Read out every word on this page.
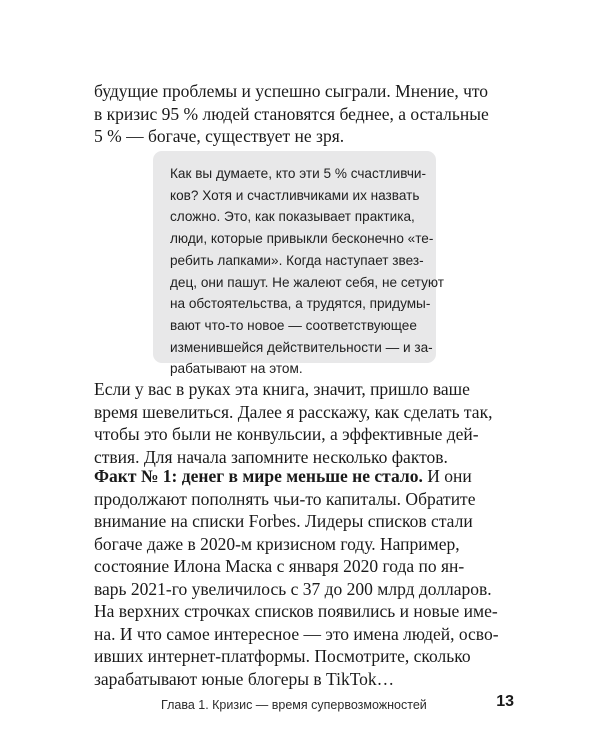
будущие проблемы и успешно сыграли. Мнение, что
в кризис 95 % людей становятся беднее, а остальные
5 % — богаче, существует не зря.

Как вы думаете, кто эти 5 % счастливчи-
ков? Хотя и счастливчиками их назвать
сложно. Это, как показывает практика,
люди, которые привыкли бесконечно «те-
ребить лапками». Когда наступает звез-
дец, они пашут. Не жалеют себя, не сетуют
на обстоятельства, а трудятся, придумы-
вают что-то новое — соответствующее
изменившейся действительности — и за-
рабатывают на этом.

Если у вас в руках эта книга, значит, пришло ваше
время шевелиться. Далее я расскажу, как сделать так,
чтобы это были не конвульсии, а эффективные дей-
ствия. Для начала запомните несколько фактов.

Факт № 1: денег в мире меньше не стало. И они
продолжают пополнять чьи-то капиталы. Обратите
внимание на списки Forbes. Лидеры списков стали
богаче даже в 2020-м кризисном году. Например,
состояние Илона Маска с января 2020 года по ян-
варь 2021-го увеличилось с 37 до 200 млрд долларов.
На верхних строчках списков появились и новые име-
на. И что самое интересное — это имена людей, осво-
ивших интернет-платформы. Посмотрите, сколько
зарабатывают юные блогеры в TikTok…

Глава 1. Кризис — время супервозможностей	13
